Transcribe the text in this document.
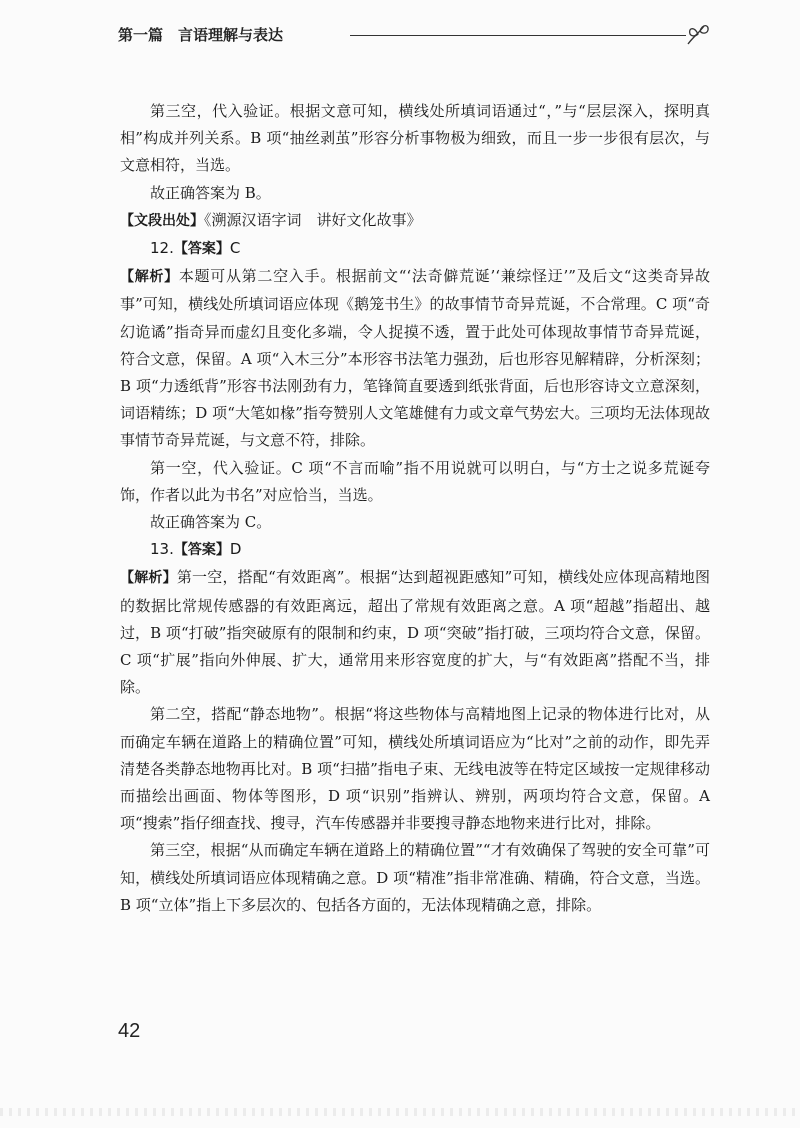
第一篇　言语理解与表达

第三空，代入验证。根据文意可知，横线处所填词语通过“，”与“层层深入，探明真相”构成并列关系。B 项“抽丝剥茧”形容分析事物极为细致，而且一步一步很有层次，与文意相符，当选。

故正确答案为 B。

【文段出处】《溯源汉语字词　讲好文化故事》

12.【答案】C

【解析】本题可从第二空入手。根据前文“‘法奇僻荒诞’‘兼综怪迂’”及后文“这类奇异故事”可知，横线处所填词语应体现《鹅笼书生》的故事情节奇异荒诞，不合常理。C 项“奇幻诡谲”指奇异而虚幻且变化多端，令人捉摸不透，置于此处可体现故事情节奇异荒诞，符合文意，保留。A 项“入木三分”本形容书法笔力强劲，后也形容见解精辟，分析深刻；B 项“力透纸背”形容书法刚劲有力，笔锋简直要透到纸张背面，后也形容诗文立意深刻，词语精练；D 项“大笔如椽”指夸赞别人文笔雄健有力或文章气势宏大。三项均无法体现故事情节奇异荒诞，与文意不符，排除。

第一空，代入验证。C 项“不言而喻”指不用说就可以明白，与“方士之说多荒诞夸饰，作者以此为书名”对应恰当，当选。

故正确答案为 C。

13.【答案】D

【解析】第一空，搭配“有效距离”。根据“达到超视距感知”可知，横线处应体现高精地图的数据比常规传感器的有效距离远，超出了常规有效距离之意。A 项“超越”指超出、越过，B 项“打破”指突破原有的限制和约束，D 项“突破”指打破，三项均符合文意，保留。C 项“扩展”指向外伸展、扩大，通常用来形容宽度的扩大，与“有效距离”搭配不当，排除。

第二空，搭配“静态地物”。根据“将这些物体与高精地图上记录的物体进行比对，从而确定车辆在道路上的精确位置”可知，横线处所填词语应为“比对”之前的动作，即先弄清楚各类静态地物再比对。B 项“扫描”指电子束、无线电波等在特定区域按一定规律移动而描绘出画面、物体等图形，D 项“识别”指辨认、辨别，两项均符合文意，保留。A 项“搜索”指仔细查找、搜寻，汽车传感器并非要搜寻静态地物来进行比对，排除。

第三空，根据“从而确定车辆在道路上的精确位置”“才有效确保了驾驶的安全可靠”可知，横线处所填词语应体现精确之意。D 项“精准”指非常准确、精确，符合文意，当选。B 项“立体”指上下多层次的、包括各方面的，无法体现精确之意，排除。

42
